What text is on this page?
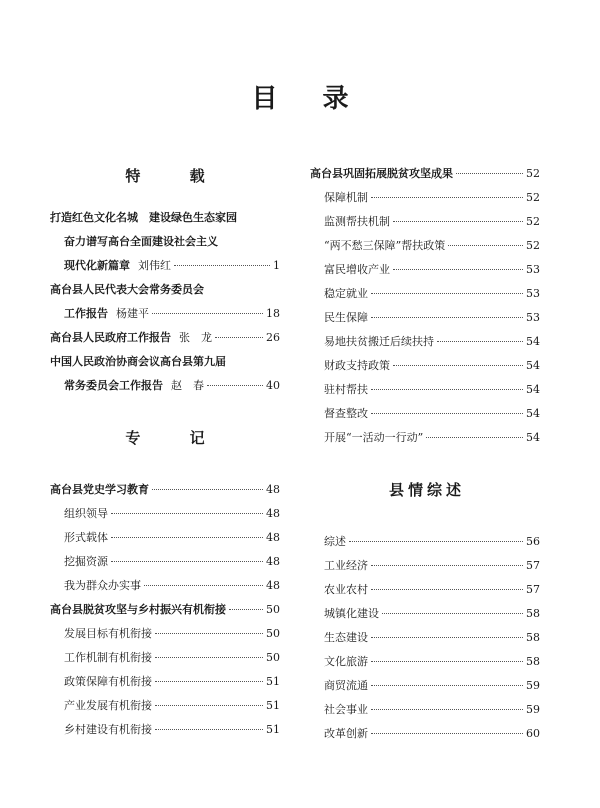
目 录
特 载
打造红色文化名城　建设绿色生态家园
奋力谱写高台全面建设社会主义
现代化新篇章 刘伟红	1
高台县人民代表大会常务委员会
工作报告 杨建平	18
高台县人民政府工作报告 张　龙	26
中国人民政治协商会议高台县第九届
常务委员会工作报告 赵　春	40
专 记
高台县党史学习教育	48
组织领导	48
形式载体	48
挖掘资源	48
我为群众办实事	48
高台县脱贫攻坚与乡村振兴有机衔接	50
发展目标有机衔接	50
工作机制有机衔接	50
政策保障有机衔接	51
产业发展有机衔接	51
乡村建设有机衔接	51
高台县巩固拓展脱贫攻坚成果	52
保障机制	52
监测帮扶机制	52
“两不愁三保障”帮扶政策	52
富民增收产业	53
稳定就业	53
民生保障	53
易地扶贫搬迁后续扶持	54
财政支持政策	54
驻村帮扶	54
督查整改	54
开展“一活动一行动”	54
县情综述
综述	56
工业经济	57
农业农村	57
城镇化建设	58
生态建设	58
文化旅游	58
商贸流通	59
社会事业	59
改革创新	60
